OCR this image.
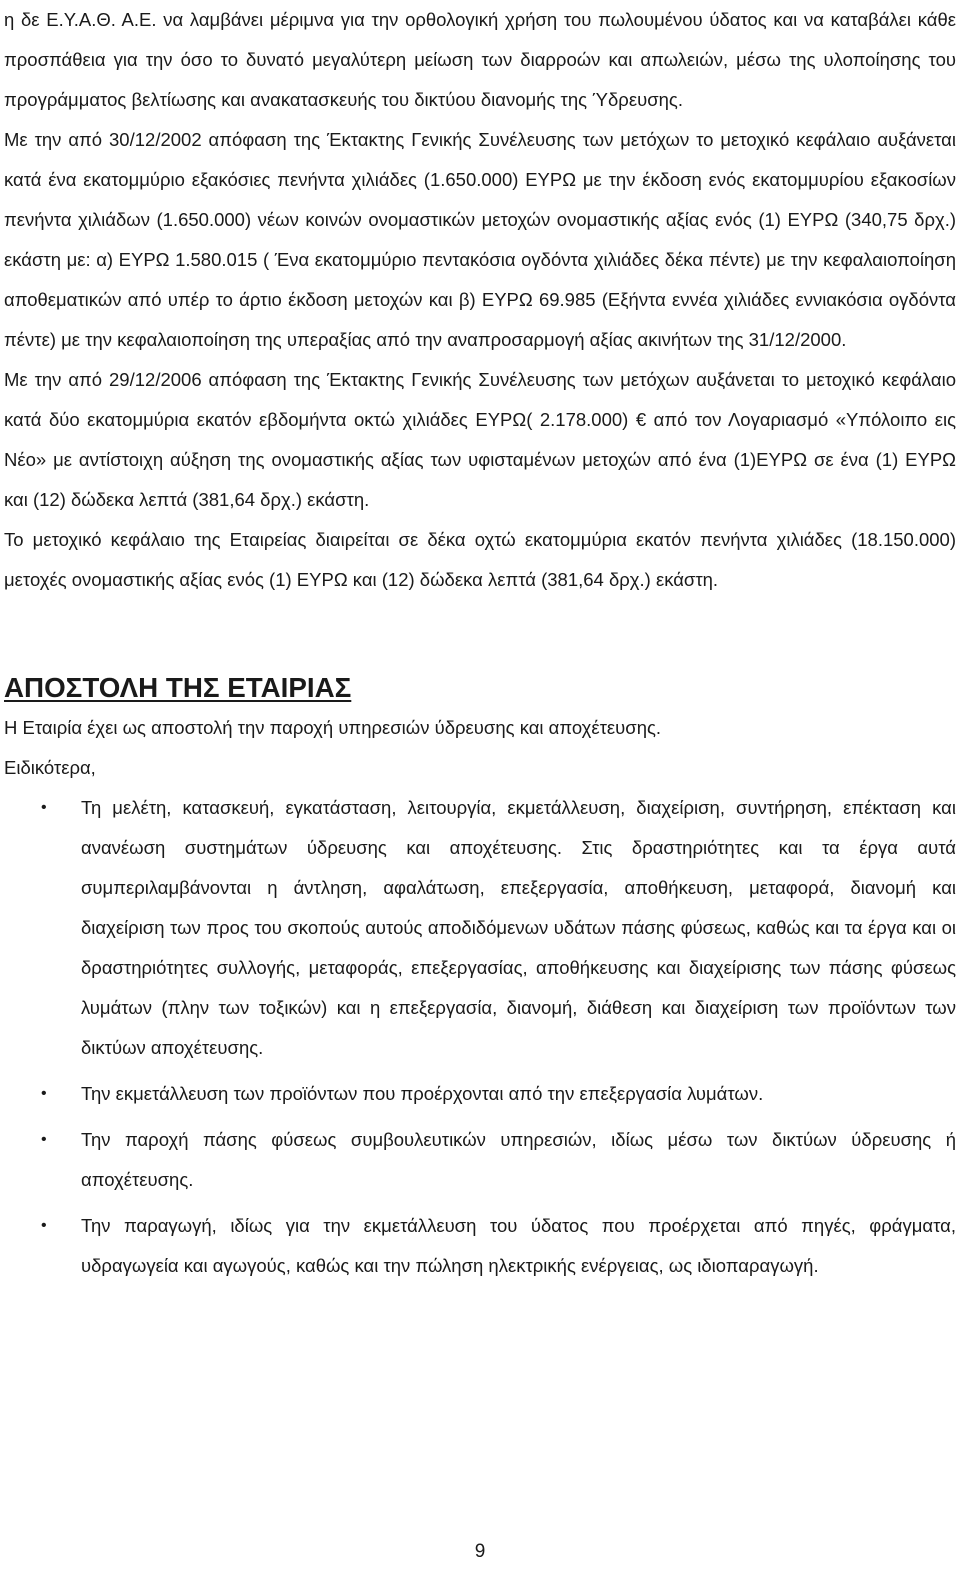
η δε Ε.Υ.Α.Θ. Α.Ε. να λαμβάνει μέριμνα για την ορθολογική χρήση του πωλουμένου ύδατος και να καταβάλει κάθε προσπάθεια για την όσο το δυνατό μεγαλύτερη μείωση των διαρροών και απωλειών, μέσω της υλοποίησης του προγράμματος βελτίωσης και ανακατασκευής του δικτύου διανομής της Ύδρευσης.

Με την από 30/12/2002 απόφαση της Έκτακτης Γενικής Συνέλευσης των μετόχων το μετοχικό κεφάλαιο αυξάνεται κατά ένα εκατομμύριο εξακόσιες πενήντα χιλιάδες (1.650.000) ΕΥΡΩ με την έκδοση ενός εκατομμυρίου εξακοσίων πενήντα χιλιάδων (1.650.000) νέων κοινών ονομαστικών μετοχών ονομαστικής αξίας ενός (1) ΕΥΡΩ (340,75 δρχ.) εκάστη με: α) ΕΥΡΩ 1.580.015 ( Ένα εκατομμύριο πεντακόσια ογδόντα χιλιάδες δέκα πέντε) με την κεφαλαιοποίηση αποθεματικών από υπέρ το άρτιο έκδοση μετοχών και β) ΕΥΡΩ 69.985 (Εξήντα εννέα χιλιάδες εννιακόσια ογδόντα πέντε) με την κεφαλαιοποίηση της υπεραξίας από την αναπροσαρμογή αξίας ακινήτων της 31/12/2000.

Με την από 29/12/2006 απόφαση της Έκτακτης Γενικής Συνέλευσης των μετόχων αυξάνεται το μετοχικό κεφάλαιο κατά δύο εκατομμύρια εκατόν εβδομήντα οκτώ χιλιάδες ΕΥΡΩ( 2.178.000) € από τον Λογαριασμό «Υπόλοιπο εις Νέο» με αντίστοιχη αύξηση της ονομαστικής αξίας των υφισταμένων μετοχών από ένα (1)ΕΥΡΩ σε ένα (1) ΕΥΡΩ και (12) δώδεκα λεπτά (381,64 δρχ.) εκάστη.

Το μετοχικό κεφάλαιο της Εταιρείας διαιρείται σε δέκα οχτώ εκατομμύρια εκατόν πενήντα χιλιάδες (18.150.000) μετοχές ονομαστικής αξίας ενός (1) ΕΥΡΩ και (12) δώδεκα λεπτά (381,64 δρχ.) εκάστη.

ΑΠΟΣΤΟΛΗ ΤΗΣ ΕΤΑΙΡΙΑΣ

Η Εταιρία έχει ως αποστολή την παροχή υπηρεσιών ύδρευσης και αποχέτευσης.

Ειδικότερα,

• Τη μελέτη, κατασκευή, εγκατάσταση, λειτουργία, εκμετάλλευση, διαχείριση, συντήρηση, επέκταση και ανανέωση συστημάτων ύδρευσης και αποχέτευσης. Στις δραστηριότητες και τα έργα αυτά συμπεριλαμβάνονται η άντληση, αφαλάτωση, επεξεργασία, αποθήκευση, μεταφορά, διανομή και διαχείριση των προς του σκοπούς αυτούς αποδιδόμενων υδάτων πάσης φύσεως, καθώς και τα έργα και οι δραστηριότητες συλλογής, μεταφοράς, επεξεργασίας, αποθήκευσης και διαχείρισης των πάσης φύσεως λυμάτων (πλην των τοξικών) και η επεξεργασία, διανομή, διάθεση και διαχείριση των προϊόντων των δικτύων αποχέτευσης.
• Την εκμετάλλευση των προϊόντων που προέρχονται από την επεξεργασία λυμάτων.
• Την παροχή πάσης φύσεως συμβουλευτικών υπηρεσιών, ιδίως μέσω των δικτύων ύδρευσης ή αποχέτευσης.
• Την παραγωγή, ιδίως για την εκμετάλλευση του ύδατος που προέρχεται από πηγές, φράγματα, υδραγωγεία και αγωγούς, καθώς και την πώληση ηλεκτρικής ενέργειας, ως ιδιοπαραγωγή.
9
